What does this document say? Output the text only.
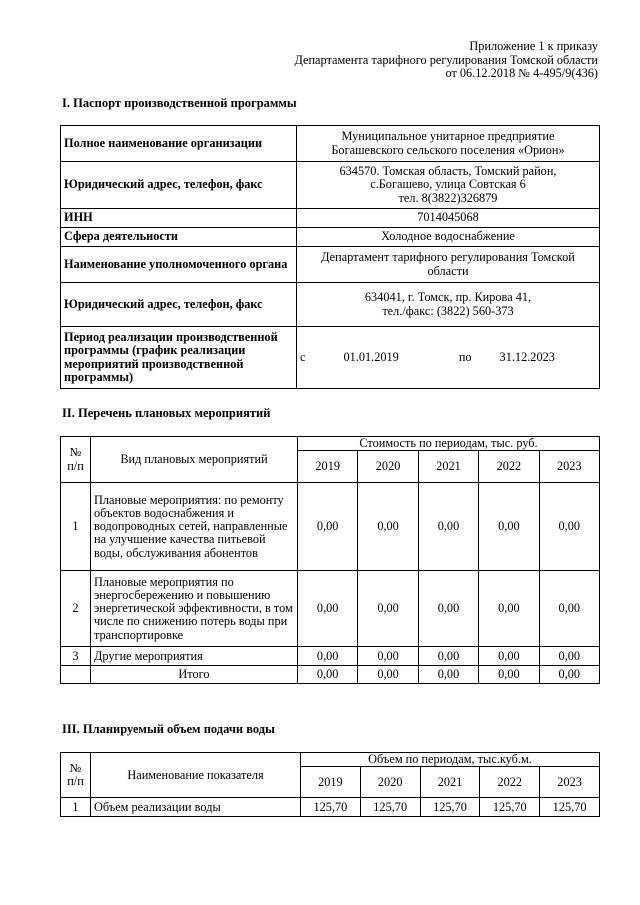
Приложение 1 к приказу
Департамента тарифного регулирования Томской области
от 06.12.2018 № 4-495/9(436)
I. Паспорт производственной программы
Полное наименование организации	Муниципальное унитарное предприятие
Богашевского сельского поселения «Орион»

Юридический адрес, телефон, факс	634570. Томская область, Томский район,
с.Богашево, улица Совтская 6
тел. 8(3822)326879

ИНН	7014045068

Сфера деятельности	Холодное водоснабжение

Наименование уполномоченного органа	Департамент тарифного регулирования Томской
области

Юридический адрес, телефон, факс	634041, г. Томск, пр. Кирова 41,
тел./факс: (3822) 560-373

Период реализации производственной программы (график реализации мероприятий производственной программы)	с 01.01.2019 по 31.12.2023
II. Перечень плановых мероприятий
№ п/п	Вид плановых мероприятий	Стоимость по периодам, тыс. руб.				
		2019	2020	2021	2022	2023
1	Плановые мероприятия: по ремонту объектов водоснабжения и водопроводных сетей, направленные на улучшение качества питьевой воды, обслуживания абонентов	0,00	0,00	0,00	0,00	0,00
2	Плановые мероприятия по энергосбережению и повышению энергетической эффективности, в том числе по снижению потерь воды при транспортировке	0,00	0,00	0,00	0,00	0,00
3	Другие мероприятия	0,00	0,00	0,00	0,00	0,00
	Итого	0,00	0,00	0,00	0,00	0,00
III. Планируемый объем подачи воды
№ п/п	Наименование показателя	Объем по периодам, тыс.куб.м.				
		2019	2020	2021	2022	2023
1	Объем реализации воды	125,70	125,70	125,70	125,70	125,70
